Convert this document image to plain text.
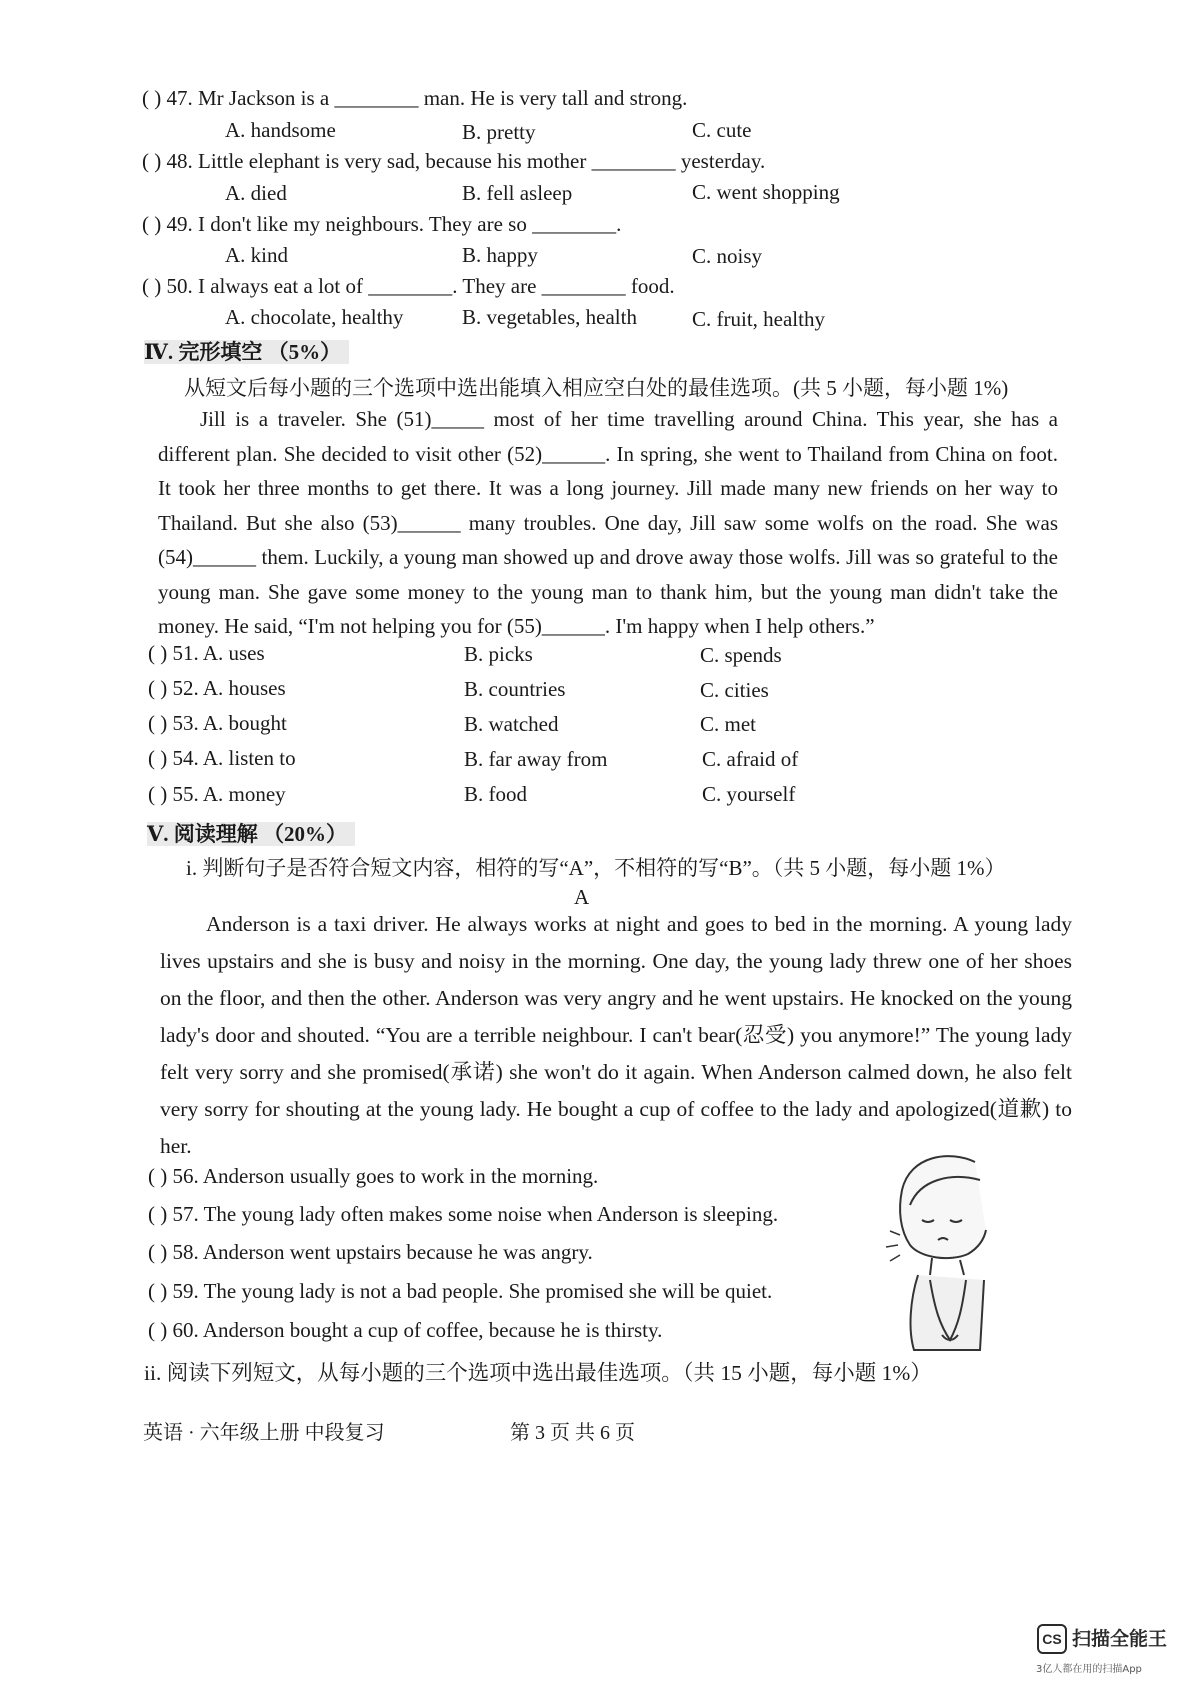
( ) 47. Mr Jackson is a ________ man. He is very tall and strong.
A. handsome	B. pretty	C. cute
( ) 48. Little elephant is very sad, because his mother ________ yesterday.
A. died	B. fell asleep	C. went shopping
( ) 49. I don't like my neighbours. They are so ________.
A. kind	B. happy	C. noisy
( ) 50. I always eat a lot of ________. They are ________ food.
A. chocolate, healthy	B. vegetables, health	C. fruit, healthy
Ⅳ. 完形填空 （5%）
从短文后每小题的三个选项中选出能填入相应空白处的最佳选项。(共 5 小题，每小题 1%)

Jill is a traveler. She (51)_____ most of her time travelling around China. This year, she has a different plan. She decided to visit other (52)______. In spring, she went to Thailand from China on foot. It took her three months to get there. It was a long journey. Jill made many new friends on her way to Thailand. But she also (53)______ many troubles. One day, Jill saw some wolfs on the road. She was (54)______ them. Luckily, a young man showed up and drove away those wolfs. Jill was so grateful to the young man. She gave some money to the young man to thank him, but the young man didn't take the money. He said, “I'm not helping you for (55)______. I'm happy when I help others.”

( ) 51. A. uses	B. picks	C. spends
( ) 52. A. houses	B. countries	C. cities
( ) 53. A. bought	B. watched	C. met
( ) 54. A. listen to	B. far away from	C. afraid of
( ) 55. A. money	B. food	C. yourself
Ⅴ. 阅读理解 （20%）
i. 判断句子是否符合短文内容，相符的写“A”，不相符的写“B”。（共 5 小题，每小题 1%）
A

Anderson is a taxi driver. He always works at night and goes to bed in the morning. A young lady lives upstairs and she is busy and noisy in the morning. One day, the young lady threw one of her shoes on the floor, and then the other. Anderson was very angry and he went upstairs. He knocked on the young lady's door and shouted. “You are a terrible neighbour. I can't bear(忍受) you anymore!” The young lady felt very sorry and she promised(承诺) she won't do it again. When Anderson calmed down, he also felt very sorry for shouting at the young lady. He bought a cup of coffee to the lady and apologized(道歉) to her.

( ) 56. Anderson usually goes to work in the morning.
( ) 57. The young lady often makes some noise when Anderson is sleeping.
( ) 58. Anderson went upstairs because he was angry.
( ) 59. The young lady is not a bad people. She promised she will be quiet.
( ) 60. Anderson bought a cup of coffee, because he is thirsty.
ii. 阅读下列短文，从每小题的三个选项中选出最佳选项。（共 15 小题，每小题 1%）
英语 · 六年级上册 中段复习	第 3 页 共 6 页
CS 扫描全能王
3亿人都在用的扫描App
